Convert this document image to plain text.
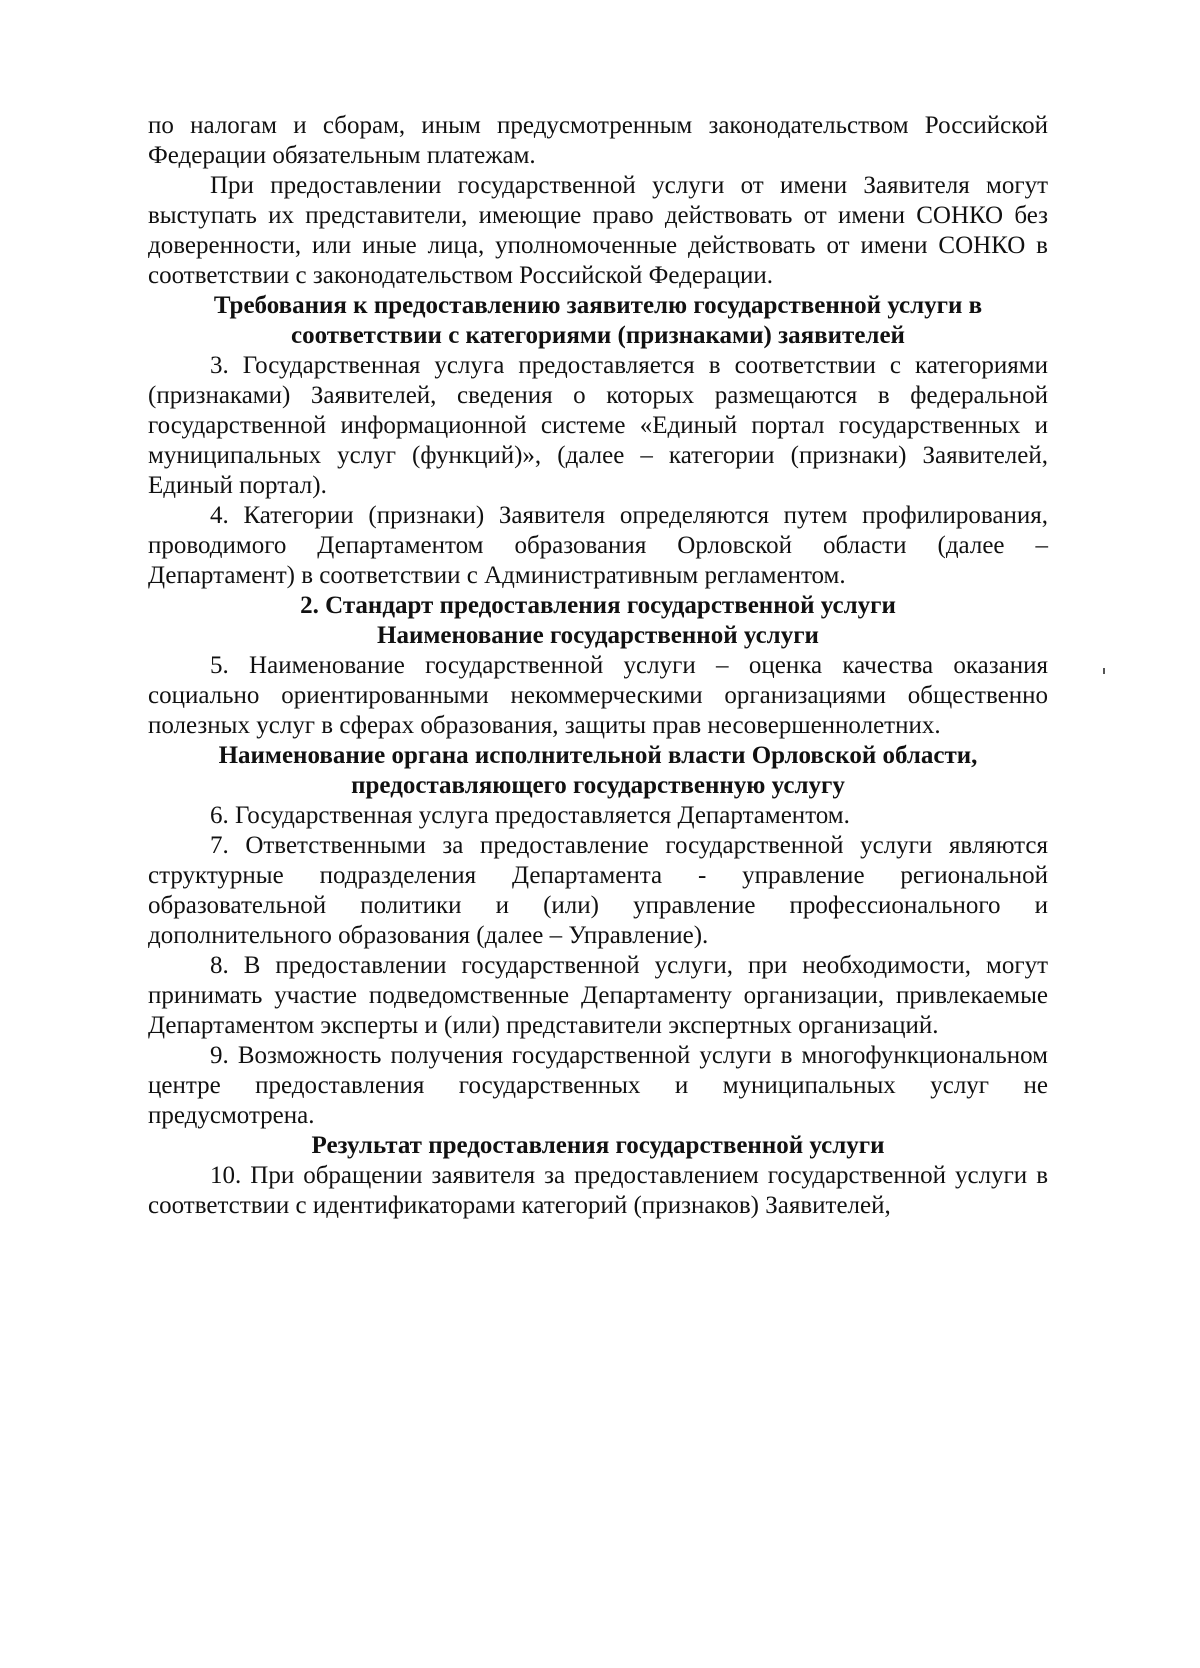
по налогам и сборам, иным предусмотренным законодательством Российской Федерации обязательным платежам.

При предоставлении государственной услуги от имени Заявителя могут выступать их представители, имеющие право действовать от имени СОНКО без доверенности, или иные лица, уполномоченные действовать от имени СОНКО в соответствии с законодательством Российской Федерации.

Требования к предоставлению заявителю государственной услуги в
соответствии с категориями (признаками) заявителей

3. Государственная услуга предоставляется в соответствии с категориями (признаками) Заявителей, сведения о которых размещаются в федеральной государственной информационной системе «Единый портал государственных и муниципальных услуг (функций)», (далее – категории (признаки) Заявителей, Единый портал).

4. Категории (признаки) Заявителя определяются путем профилирования, проводимого Департаментом образования Орловской области (далее – Департамент) в соответствии с Административным регламентом.

2. Стандарт предоставления государственной услуги
Наименование государственной услуги

5. Наименование государственной услуги – оценка качества оказания социально ориентированными некоммерческими организациями общественно полезных услуг в сферах образования, защиты прав несовершеннолетних.

Наименование органа исполнительной власти Орловской области,
предоставляющего государственную услугу

6. Государственная услуга предоставляется Департаментом.

7. Ответственными за предоставление государственной услуги являются структурные подразделения Департамента - управление региональной образовательной политики и (или) управление профессионального и дополнительного образования (далее – Управление).

8. В предоставлении государственной услуги, при необходимости, могут принимать участие подведомственные Департаменту организации, привлекаемые Департаментом эксперты и (или) представители экспертных организаций.

9. Возможность получения государственной услуги в многофункциональном центре предоставления государственных и муниципальных услуг не предусмотрена.

Результат предоставления государственной услуги

10. При обращении заявителя за предоставлением государственной услуги в соответствии с идентификаторами категорий (признаков) Заявителей,
